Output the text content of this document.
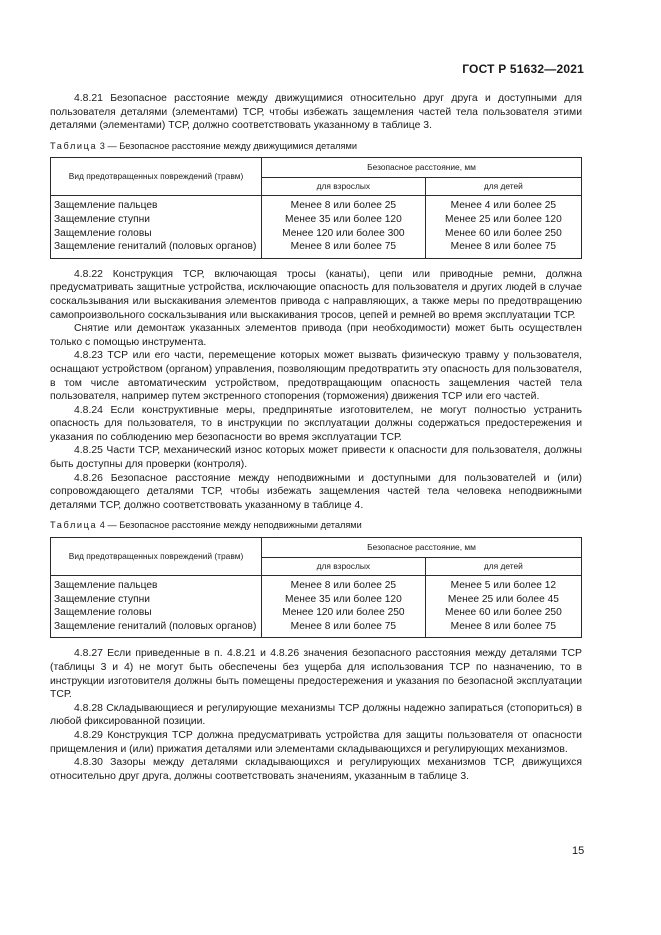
ГОСТ Р 51632—2021

4.8.21 Безопасное расстояние между движущимися относительно друг друга и доступными для пользователя деталями (элементами) ТСР, чтобы избежать защемления частей тела пользователя этими деталями (элементами) ТСР, должно соответствовать указанному в таблице 3.

Таблица 3 — Безопасное расстояние между движущимися деталями
Вид предотвращенных повреждений (травм)	Безопасное расстояние, мм	
	для взрослых	для детей
Защемление пальцев	Менее 8 или более 25	Менее 4 или более 25
Защемление ступни	Менее 35 или более 120	Менее 25 или более 120
Защемление головы	Менее 120 или более 300	Менее 60 или более 250
Защемление гениталий (половых органов)	Менее 8 или более 75	Менее 8 или более 75

4.8.22 Конструкция ТСР, включающая тросы (канаты), цепи или приводные ремни, должна предусматривать защитные устройства, исключающие опасность для пользователя и других людей в случае соскальзывания или выскакивания элементов привода с направляющих, а также меры по предотвращению самопроизвольного соскальзывания или выскакивания тросов, цепей и ремней во время эксплуатации ТСР.

Снятие или демонтаж указанных элементов привода (при необходимости) может быть осуществлен только с помощью инструмента.

4.8.23 ТСР или его части, перемещение которых может вызвать физическую травму у пользователя, оснащают устройством (органом) управления, позволяющим предотвратить эту опасность для пользователя, в том числе автоматическим устройством, предотвращающим опасность защемления частей тела пользователя, например путем экстренного стопорения (торможения) движения ТСР или его частей.

4.8.24 Если конструктивные меры, предпринятые изготовителем, не могут полностью устранить опасность для пользователя, то в инструкции по эксплуатации должны содержаться предостережения и указания по соблюдению мер безопасности во время эксплуатации ТСР.

4.8.25 Части ТСР, механический износ которых может привести к опасности для пользователя, должны быть доступны для проверки (контроля).

4.8.26 Безопасное расстояние между неподвижными и доступными для пользователей и (или) сопровождающего деталями ТСР, чтобы избежать защемления частей тела человека неподвижными деталями ТСР, должно соответствовать указанному в таблице 4.

Таблица 4 — Безопасное расстояние между неподвижными деталями
Вид предотвращенных повреждений (травм)	Безопасное расстояние, мм	
	для взрослых	для детей
Защемление пальцев	Менее 8 или более 25	Менее 5 или более 12
Защемление ступни	Менее 35 или более 120	Менее 25 или более 45
Защемление головы	Менее 120 или более 250	Менее 60 или более 250
Защемление гениталий (половых органов)	Менее 8 или более 75	Менее 8 или более 75

4.8.27 Если приведенные в п. 4.8.21 и 4.8.26 значения безопасного расстояния между деталями ТСР (таблицы 3 и 4) не могут быть обеспечены без ущерба для использования ТСР по назначению, то в инструкции изготовителя должны быть помещены предостережения и указания по безопасной эксплуатации ТСР.

4.8.28 Складывающиеся и регулирующие механизмы ТСР должны надежно запираться (стопориться) в любой фиксированной позиции.

4.8.29 Конструкция ТСР должна предусматривать устройства для защиты пользователя от опасности прищемления и (или) прижатия деталями или элементами складывающихся и регулирующих механизмов.

4.8.30 Зазоры между деталями складывающихся и регулирующих механизмов ТСР, движущихся относительно друг друга, должны соответствовать значениям, указанным в таблице 3.

15
